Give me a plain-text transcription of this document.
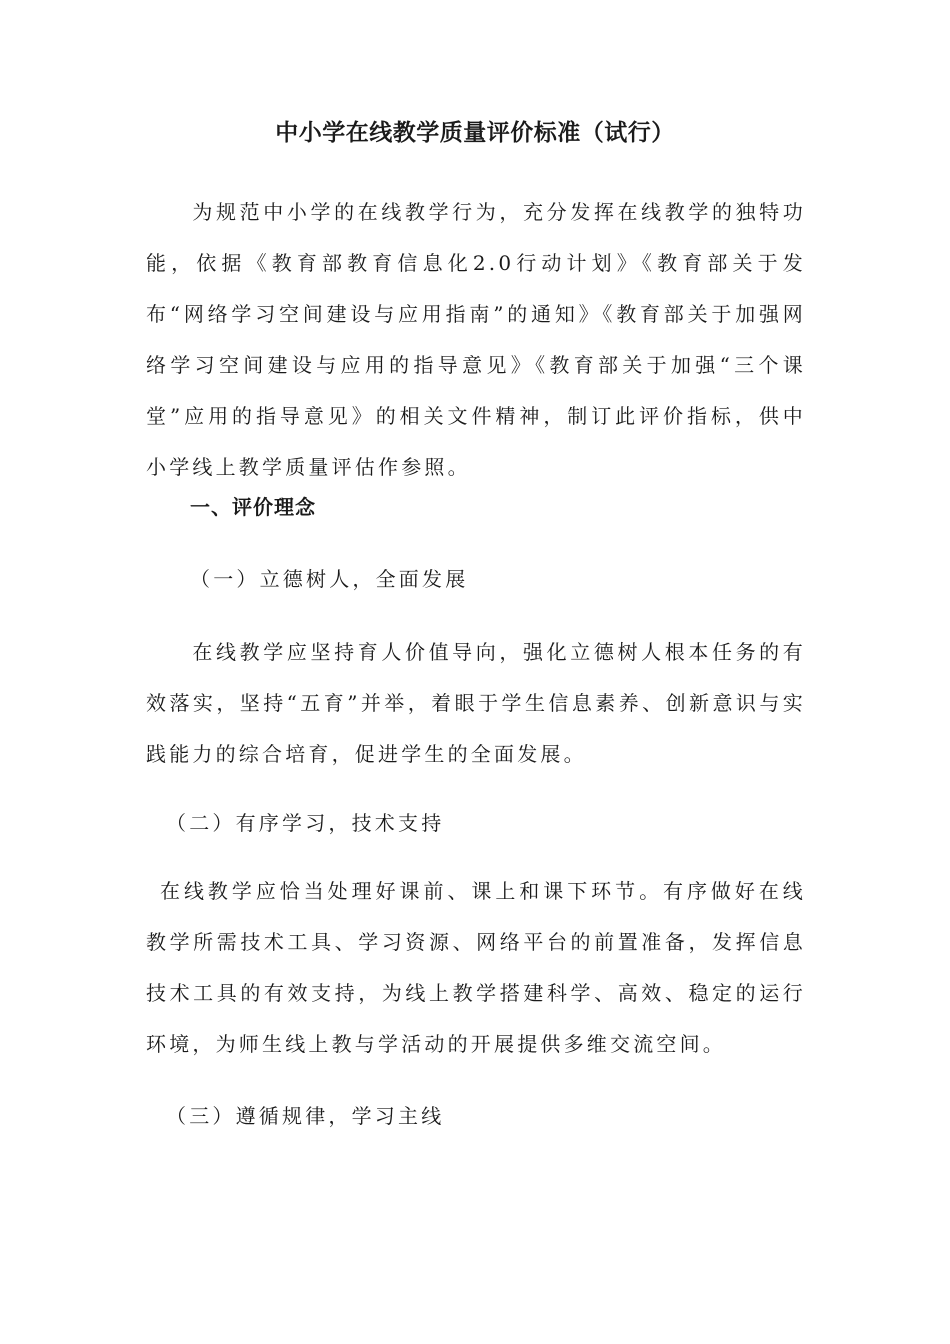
中小学在线教学质量评价标准（试行）
为规范中小学的在线教学行为，充分发挥在线教学的独特功能，依据《教育部教育信息化2.0行动计划》《教育部关于发布“网络学习空间建设与应用指南”的通知》《教育部关于加强网络学习空间建设与应用的指导意见》《教育部关于加强“三个课堂”应用的指导意见》的相关文件精神，制订此评价指标，供中小学线上教学质量评估作参照。
一、评价理念
（一）立德树人，全面发展
在线教学应坚持育人价值导向，强化立德树人根本任务的有效落实，坚持“五育”并举，着眼于学生信息素养、创新意识与实践能力的综合培育，促进学生的全面发展。
（二）有序学习，技术支持
在线教学应恰当处理好课前、课上和课下环节。有序做好在线教学所需技术工具、学习资源、网络平台的前置准备，发挥信息技术工具的有效支持，为线上教学搭建科学、高效、稳定的运行环境，为师生线上教与学活动的开展提供多维交流空间。
（三）遵循规律，学习主线
